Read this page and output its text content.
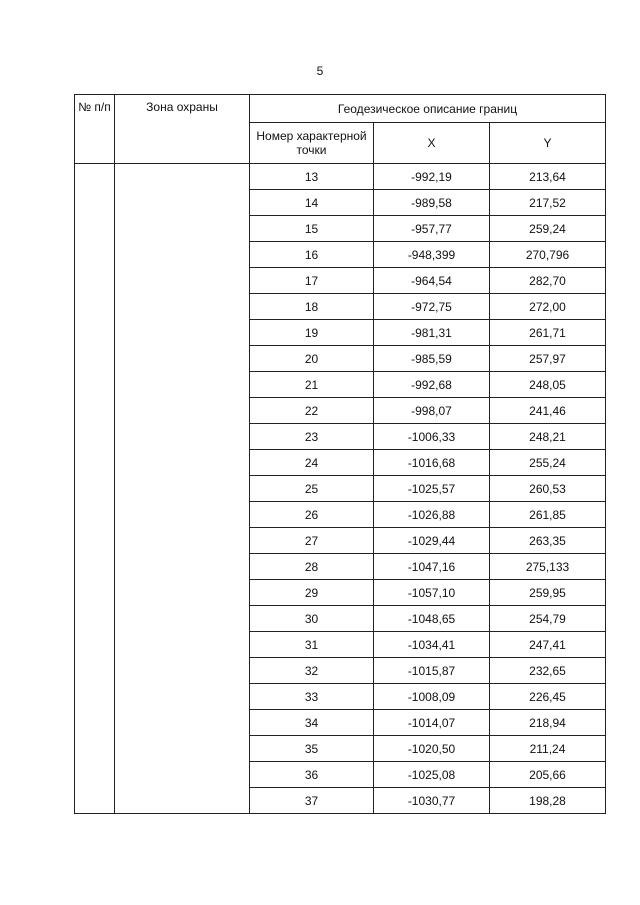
5
№ п/п	Зона охраны	Геодезическое описание границ		
		Номер характерной точки	X	Y
		13	-992,19	213,64
		14	-989,58	217,52
		15	-957,77	259,24
		16	-948,399	270,796
		17	-964,54	282,70
		18	-972,75	272,00
		19	-981,31	261,71
		20	-985,59	257,97
		21	-992,68	248,05
		22	-998,07	241,46
		23	-1006,33	248,21
		24	-1016,68	255,24
		25	-1025,57	260,53
		26	-1026,88	261,85
		27	-1029,44	263,35
		28	-1047,16	275,133
		29	-1057,10	259,95
		30	-1048,65	254,79
		31	-1034,41	247,41
		32	-1015,87	232,65
		33	-1008,09	226,45
		34	-1014,07	218,94
		35	-1020,50	211,24
		36	-1025,08	205,66
		37	-1030,77	198,28
